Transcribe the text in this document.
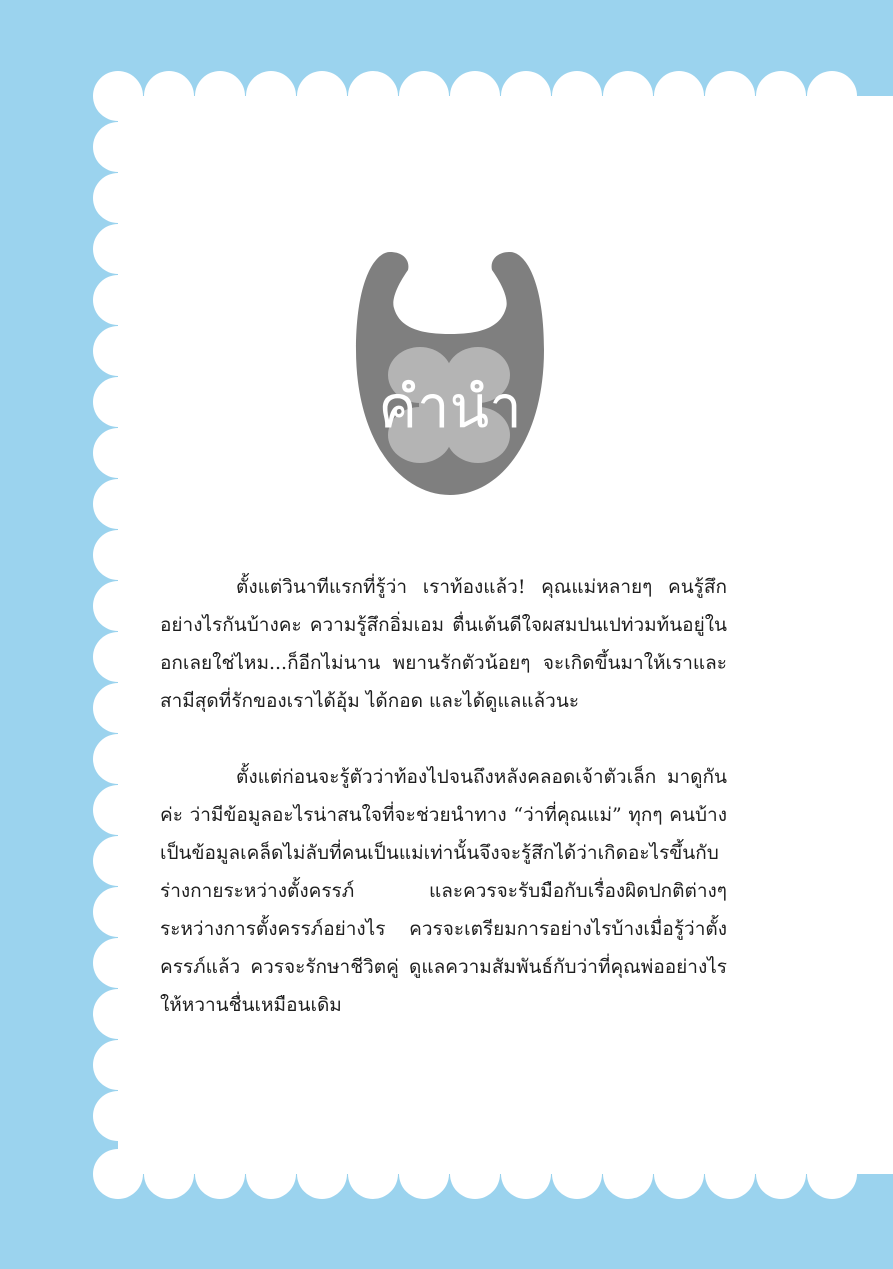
คำนำ

ตั้งแต่วินาทีแรกที่รู้ว่า เราท้องแล้ว! คุณแม่หลายๆ คนรู้สึกอย่างไรกันบ้างคะ ความรู้สึกอิ่มเอม ตื่นเต้นดีใจผสมปนเปท่วมท้นอยู่ในอกเลยใช่ไหม...ก็อีกไม่นาน พยานรักตัวน้อยๆ จะเกิดขึ้นมาให้เราและสามีสุดที่รักของเราได้อุ้ม ได้กอด และได้ดูแลแล้วนะ

ตั้งแต่ก่อนจะรู้ตัวว่าท้องไปจนถึงหลังคลอดเจ้าตัวเล็ก มาดูกันค่ะ ว่ามีข้อมูลอะไรน่าสนใจที่จะช่วยนำทาง “ว่าที่คุณแม่” ทุกๆ คนบ้าง เป็นข้อมูลเคล็ดไม่ลับที่คนเป็นแม่เท่านั้นจึงจะรู้สึกได้ว่าเกิดอะไรขึ้นกับร่างกายระหว่างตั้งครรภ์ และควรจะรับมือกับเรื่องผิดปกติต่างๆ ระหว่างการตั้งครรภ์อย่างไร ควรจะเตรียมการอย่างไรบ้างเมื่อรู้ว่าตั้งครรภ์แล้ว ควรจะรักษาชีวิตคู่ ดูแลความสัมพันธ์กับว่าที่คุณพ่ออย่างไรให้หวานชื่นเหมือนเดิม
